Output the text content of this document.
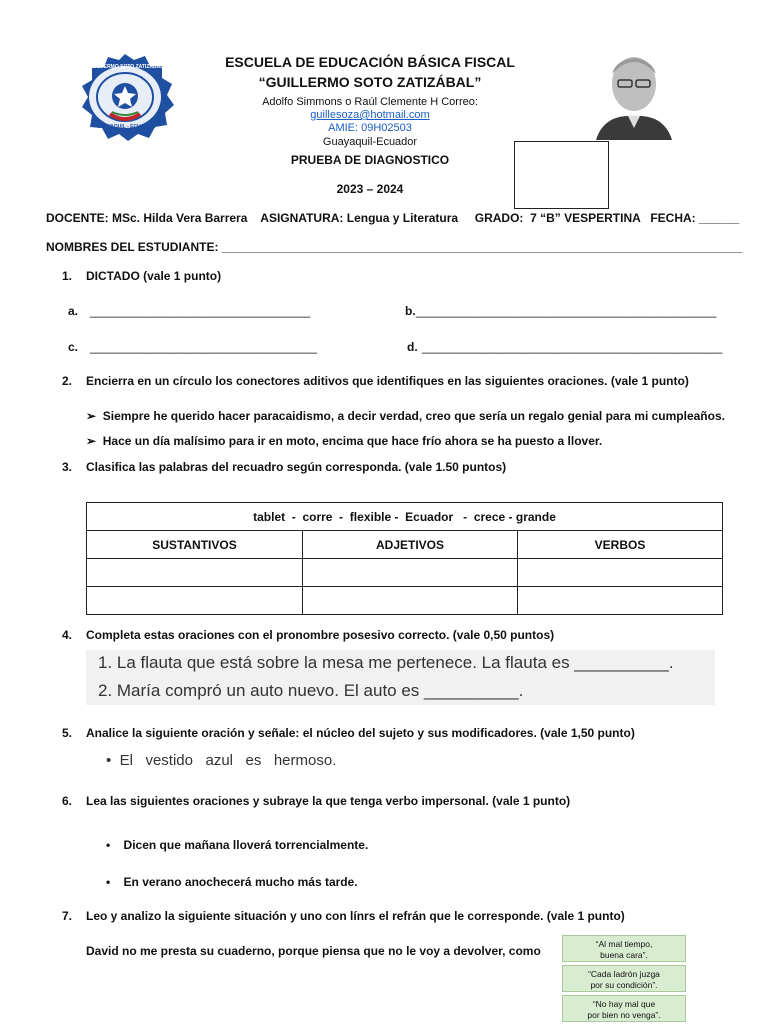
ESCUELA DE EDUCACIÓN BÁSICA FISCAL
“GUILLERMO SOTO ZATIZÁBAL”
Adolfo Simmons o Raúl Clemente H Correo:
guillesoza@hotmail.com
AMIE: 09H02503
Guayaquil-Ecuador
PRUEBA DE DIAGNOSTICO
2023 – 2024
DOCENTE: MSc. Hilda Vera Barrera    ASIGNATURA: Lengua y Literatura     GRADO:  7 “B” VESPERTINA   FECHA: ______
NOMBRES DEL ESTUDIANTE: ______________________________________________________________________________
1. DICTADO (vale 1 punto)
a. _________________________________	b. _____________________________________________
c. __________________________________	d. _____________________________________________
2. Encierra en un círculo los conectores aditivos que identifiques en las siguientes oraciones. (vale 1 punto)
➢ Siempre he querido hacer paracaidismo, a decir verdad, creo que sería un regalo genial para mi cumpleaños.
➢ Hace un día malísimo para ir en moto, encima que hace frío ahora se ha puesto a llover.
3. Clasifica las palabras del recuadro según corresponda. (vale 1.50 puntos)
tablet  -  corre  -  flexible -  Ecuador   -  crece - grande		
SUSTANTIVOS	ADJETIVOS	VERBOS

4. Completa estas oraciones con el pronombre posesivo correcto. (vale 0,50 puntos)
1. La flauta que está sobre la mesa me pertenece. La flauta es __________.
2. María compró un auto nuevo. El auto es __________.
5. Analice la siguiente oración y señale: el núcleo del sujeto y sus modificadores. (vale 1,50 punto)
• El   vestido   azul   es   hermoso.
6. Lea las siguientes oraciones y subraye la que tenga verbo impersonal. (vale 1 punto)
• Dicen que mañana lloverá torrencialmente.
• En verano anochecerá mucho más tarde.
7. Leo y analizo la siguiente situación y uno con línrs el refrán que le corresponde. (vale 1 punto)
David no me presta su cuaderno, porque piensa que no le voy a devolver, como	“Al mal tiempo,
buena cara”.
“Cada ladrón juzga
por su condición”.
“No hay mal que
por bien no venga”.
GUILLERMO SOTO ZATIZABAL
GUAYAQUIL - ECUADOR
